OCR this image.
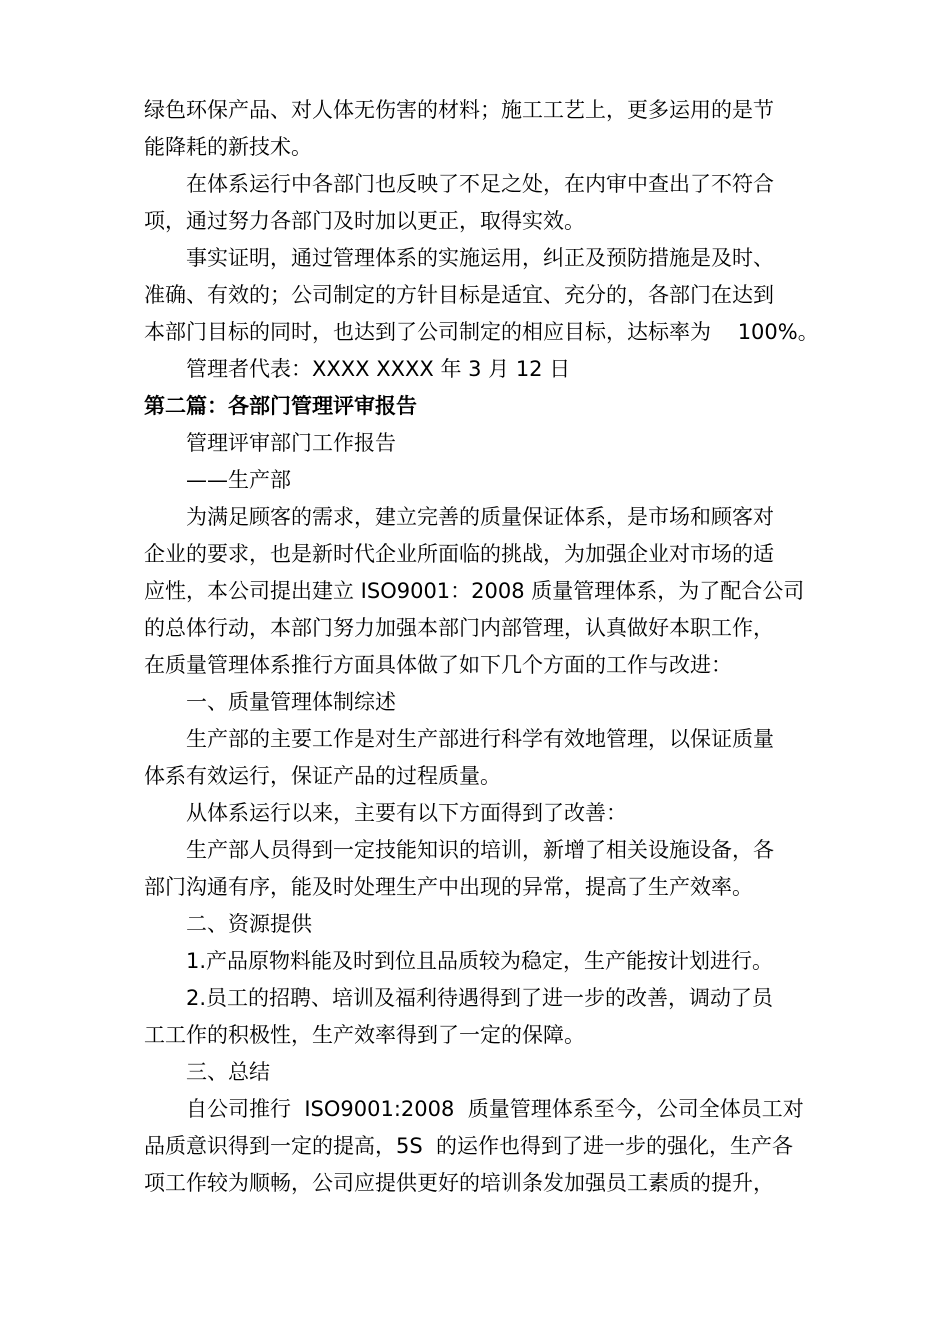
绿色环保产品、对人体无伤害的材料；施工工艺上，更多运用的是节
能降耗的新技术。
在体系运行中各部门也反映了不足之处，在内审中查出了不符合
项，通过努力各部门及时加以更正，取得实效。
事实证明，通过管理体系的实施运用，纠正及预防措施是及时、
准确、有效的；公司制定的方针目标是适宜、充分的，各部门在达到
本部门目标的同时，也达到了公司制定的相应目标，达标率为    100%。
管理者代表：XXXX XXXX 年 3 月 12 日
第二篇：各部门管理评审报告
管理评审部门工作报告
——生产部
为满足顾客的需求，建立完善的质量保证体系，是市场和顾客对
企业的要求，也是新时代企业所面临的挑战，为加强企业对市场的适
应性，本公司提出建立 ISO9001：2008 质量管理体系，为了配合公司
的总体行动，本部门努力加强本部门内部管理，认真做好本职工作，
在质量管理体系推行方面具体做了如下几个方面的工作与改进：
一、质量管理体制综述
生产部的主要工作是对生产部进行科学有效地管理，以保证质量
体系有效运行，保证产品的过程质量。
从体系运行以来，主要有以下方面得到了改善：
生产部人员得到一定技能知识的培训，新增了相关设施设备，各
部门沟通有序，能及时处理生产中出现的异常，提高了生产效率。
二、资源提供
1.产品原物料能及时到位且品质较为稳定，生产能按计划进行。
2.员工的招聘、培训及福利待遇得到了进一步的改善，调动了员
工工作的积极性，生产效率得到了一定的保障。
三、总结
自公司推行  ISO9001:2008  质量管理体系至今，公司全体员工对
品质意识得到一定的提高，5S  的运作也得到了进一步的强化，生产各
项工作较为顺畅，公司应提供更好的培训条发加强员工素质的提升，
